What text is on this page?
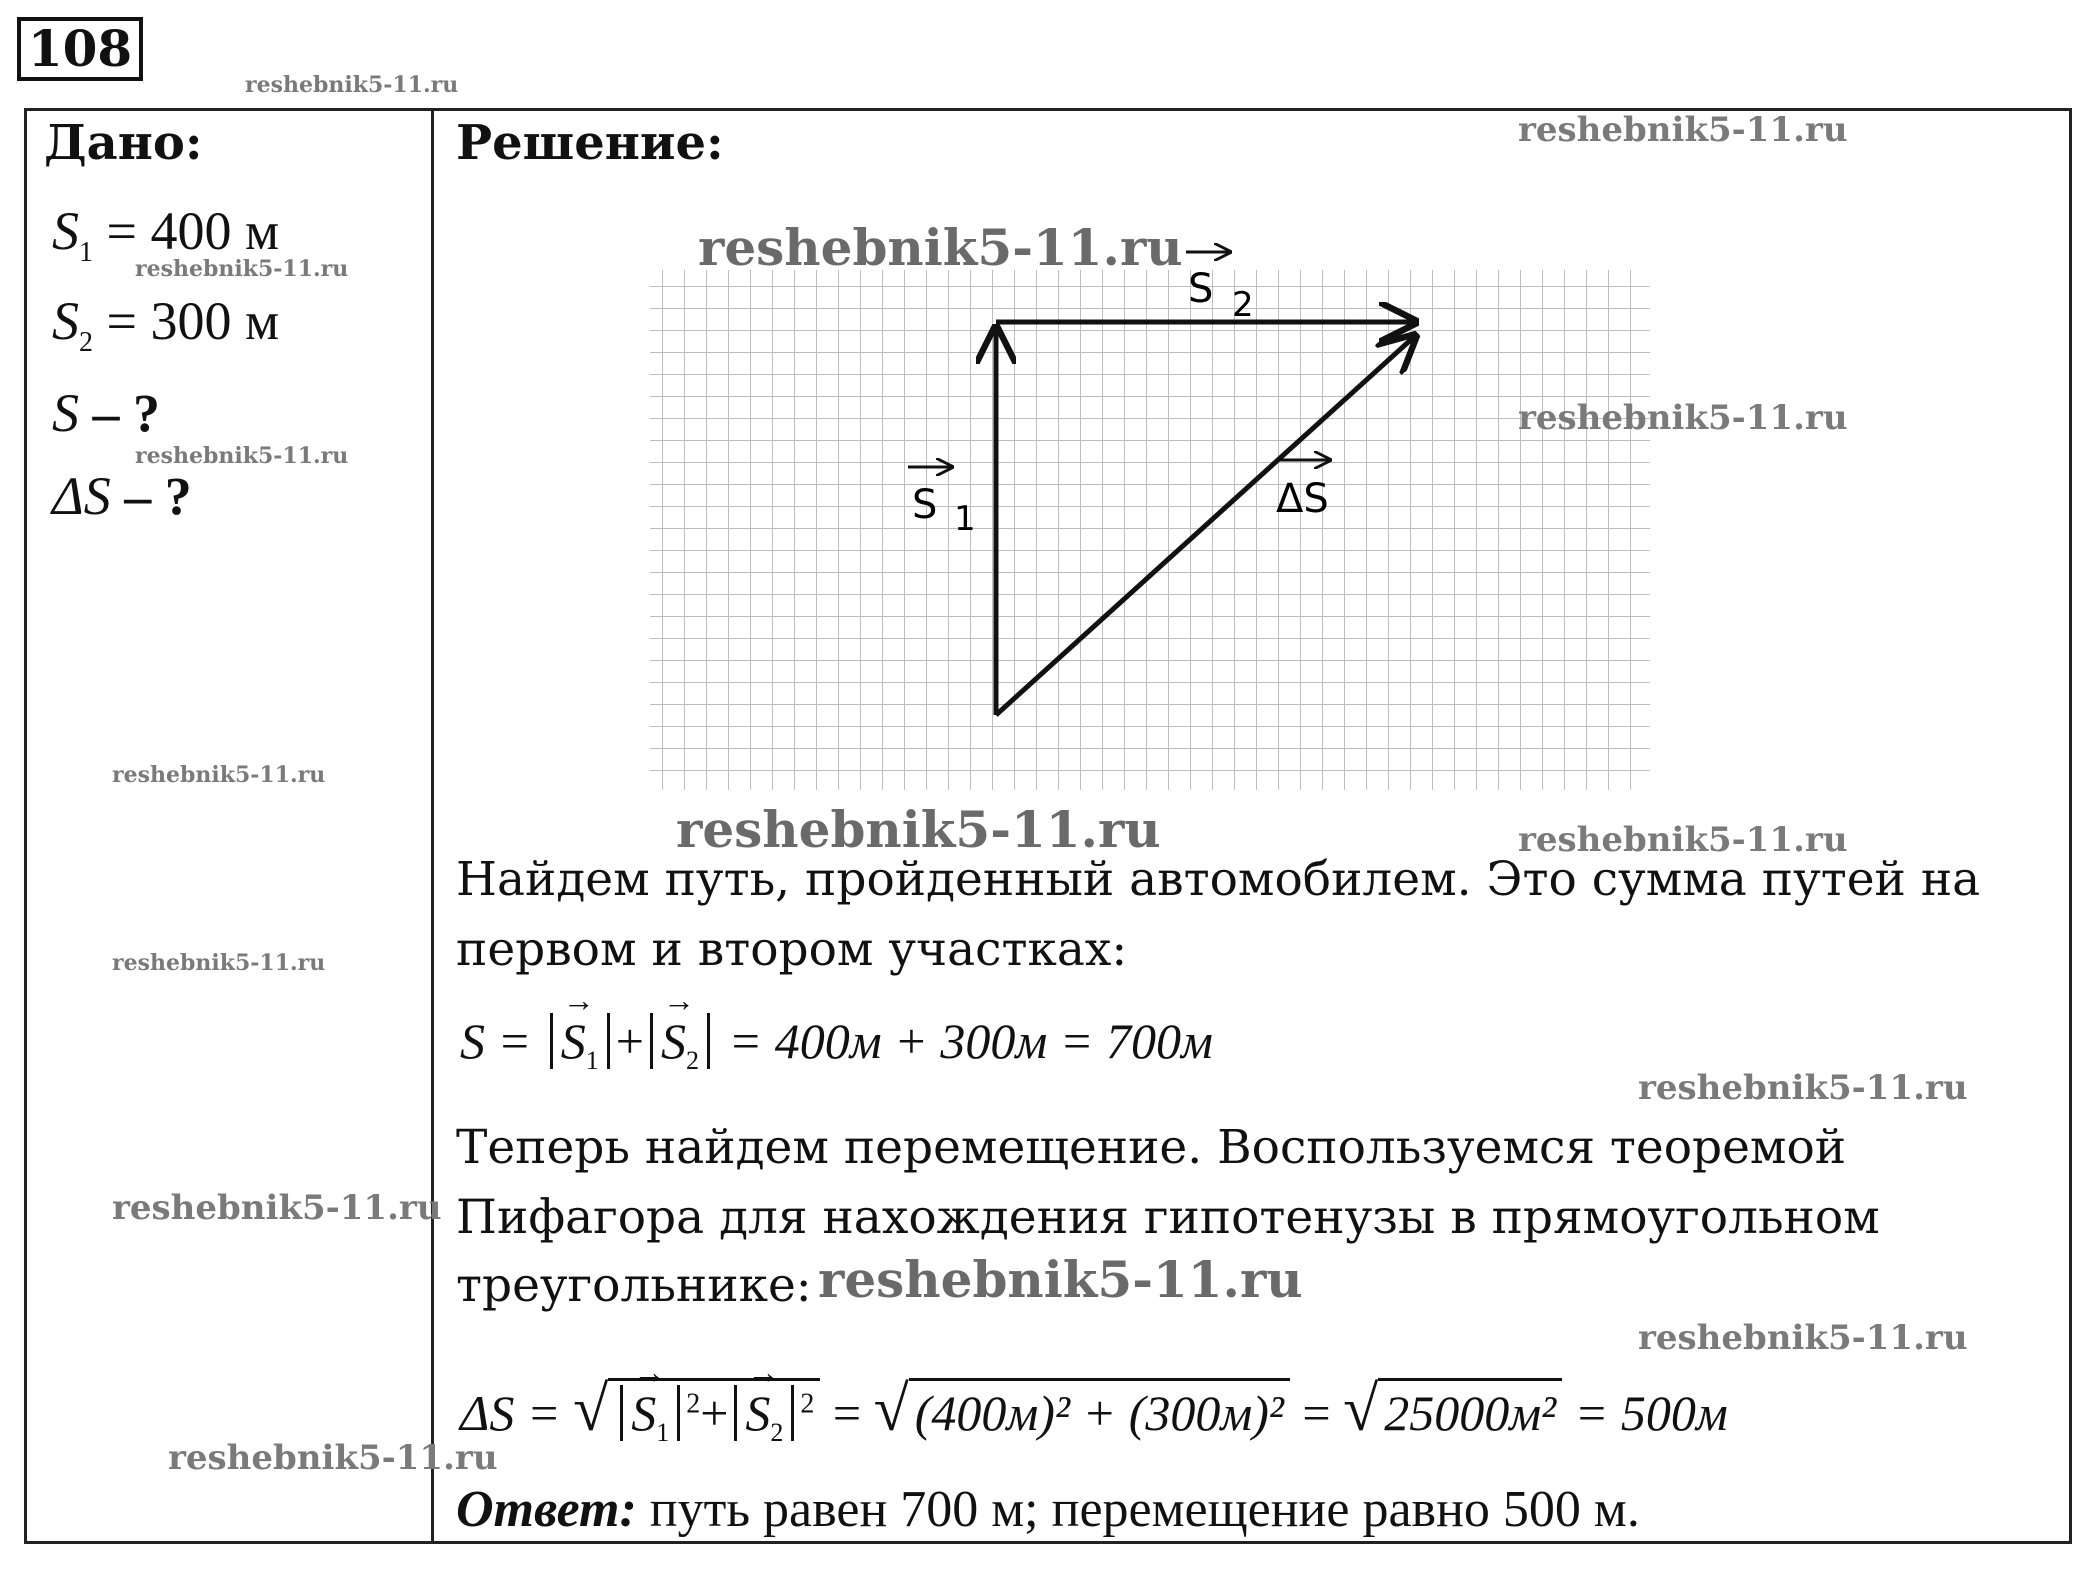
108
reshebnik5-11.ru
Дано:
$S_1 = 400$ м
reshebnik5-11.ru
$S_2 = 300$ м
S – ?
reshebnik5-11.ru
ΔS – ?
reshebnik5-11.ru
reshebnik5-11.ru
reshebnik5-11.ru
reshebnik5-11.ru
Решение:	reshebnik5-11.ru
S 1
S 2
ΔS
reshebnik5-11.ru
reshebnik5-11.ru
reshebnik5-11.ru	reshebnik5-11.ru
Найдем путь, пройденный автомобилем. Это сумма путей на
первом и втором участках:
S = → $S_1 +\to S_2 = 400м + 300м = 700м$
reshebnik5-11.ru
Теперь найдем перемещение. Воспользуемся теоремой
Пифагора для нахождения гипотенузы в прямоугольном
треугольнике: reshebnik5-11.ru
reshebnik5-11.ru
ΔS = √→ $S_1^2+\to S_2^2$ = √ (400м)² + (300м)² = √ 25000м² = 500м
Ответ: путь равен 700 м; перемещение равно 500 м.
